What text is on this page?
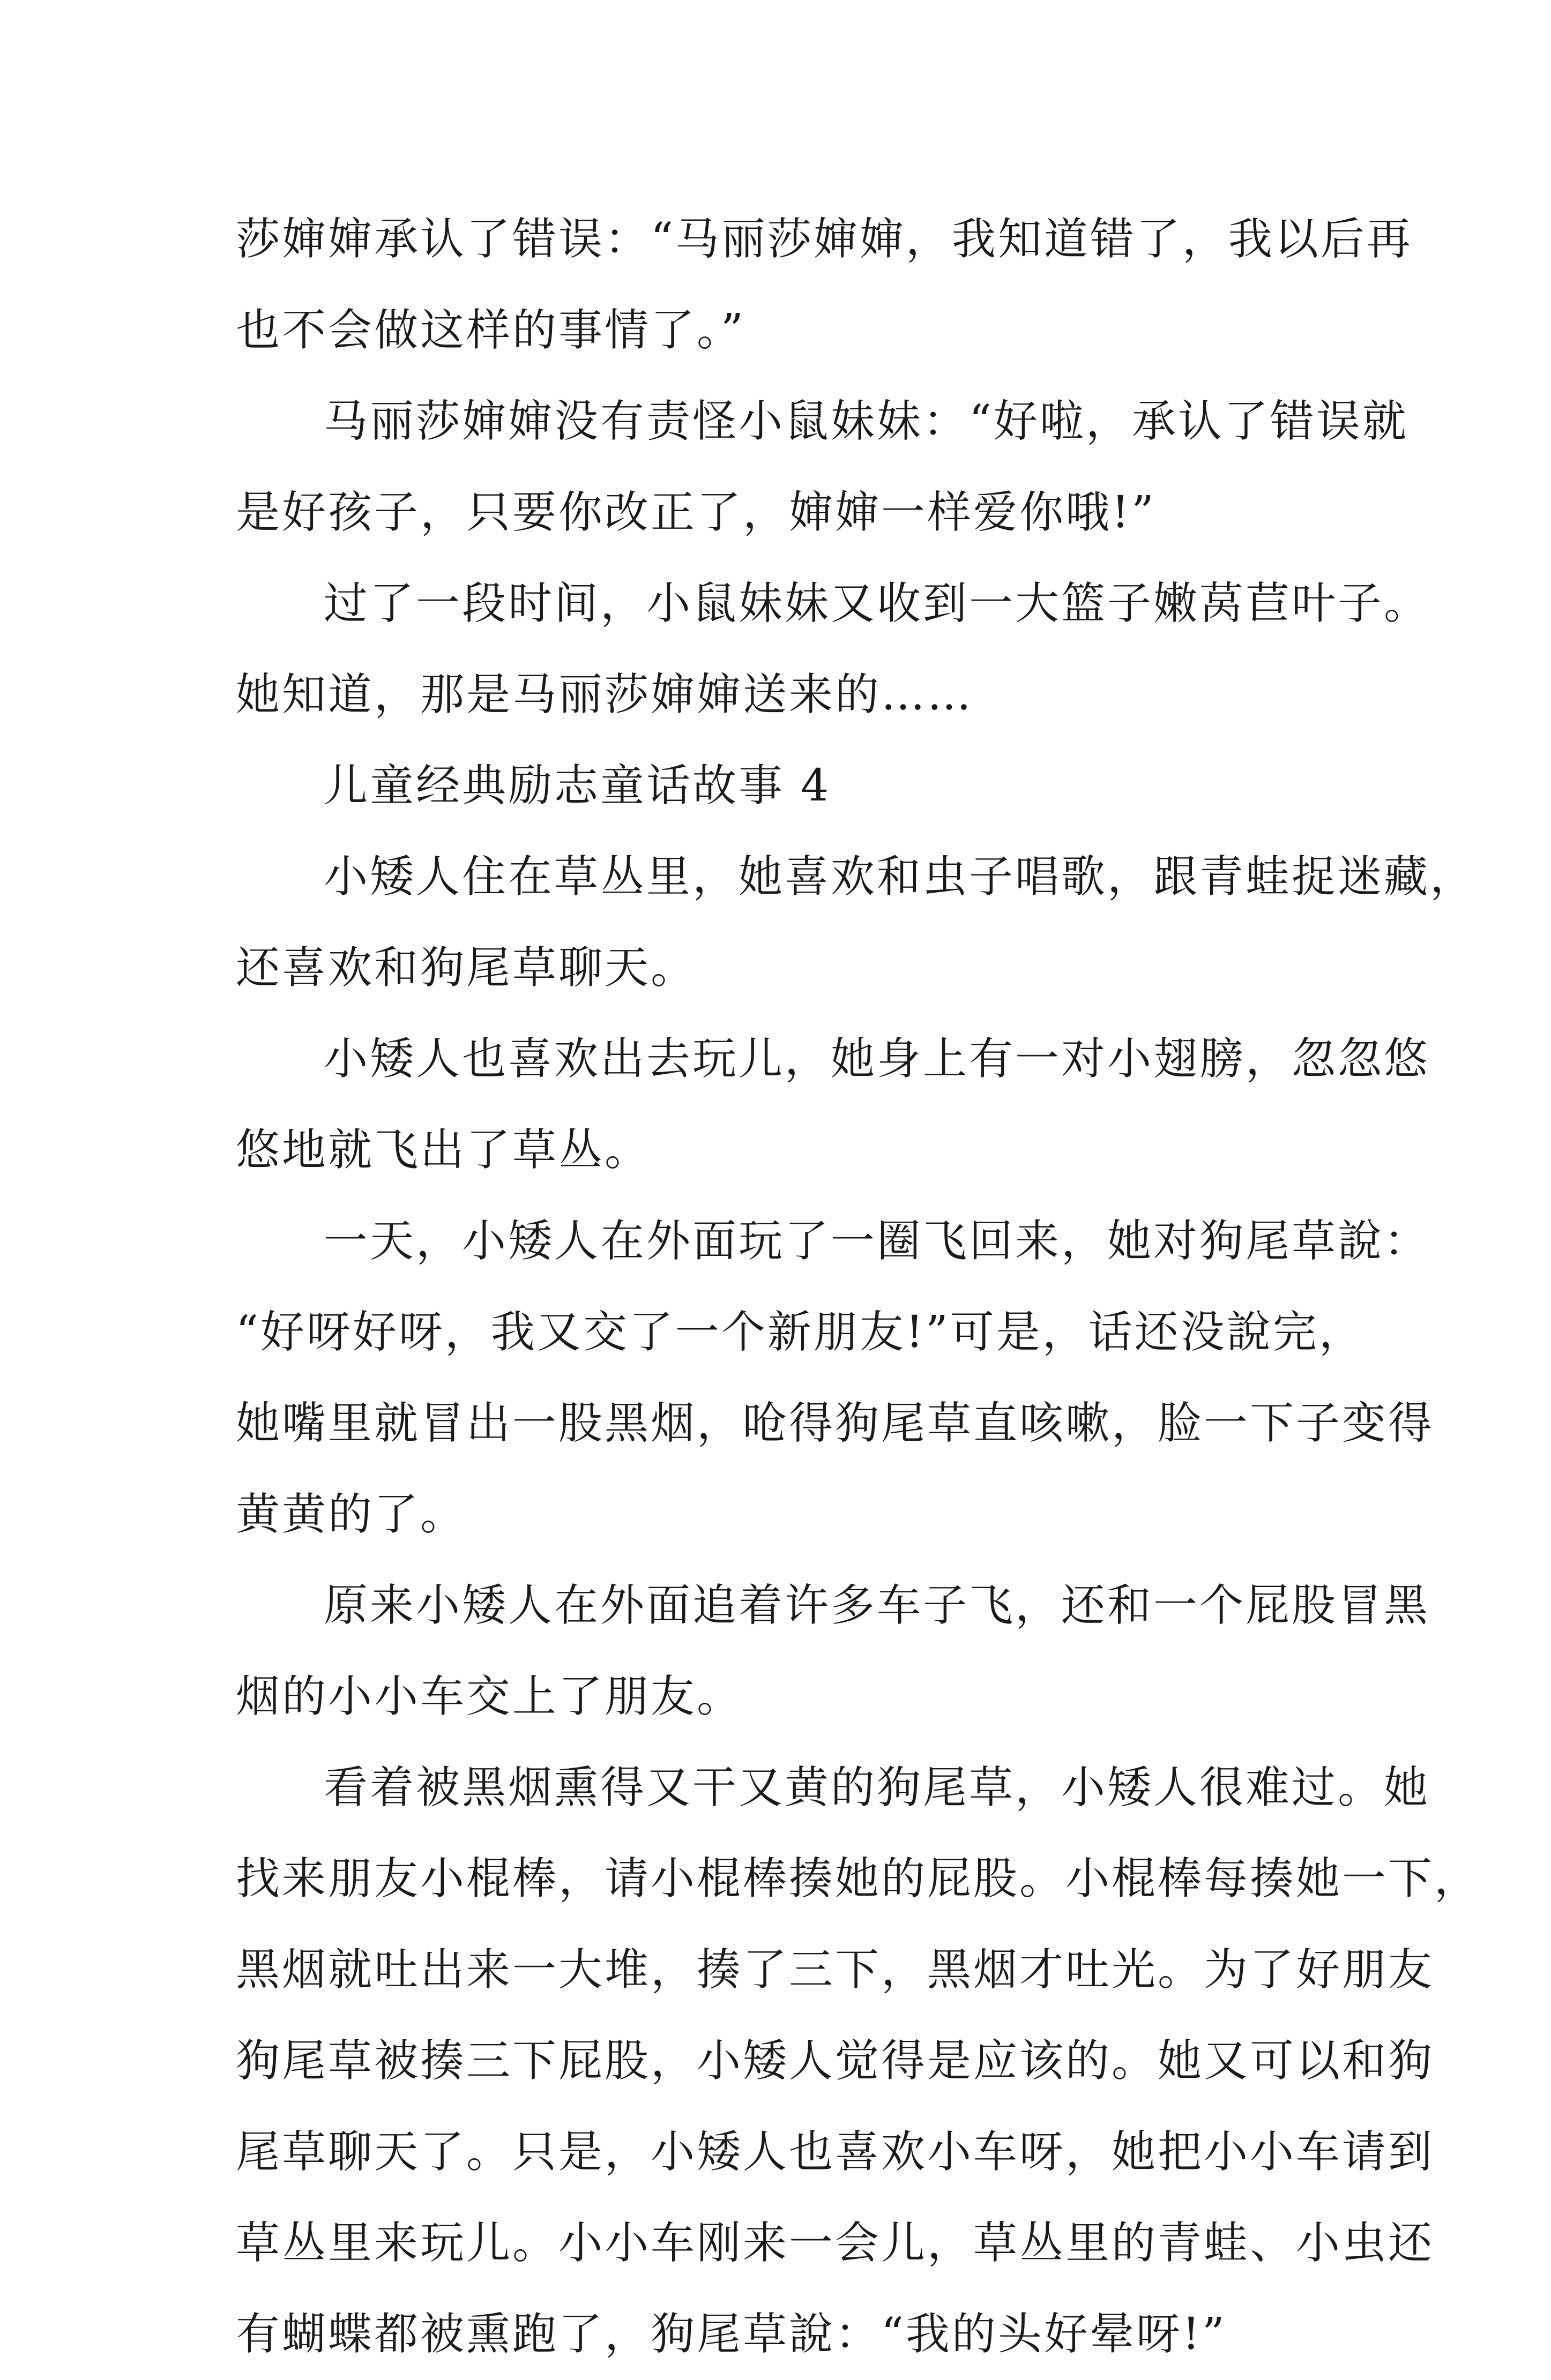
莎婶婶承认了错误：“马丽莎婶婶，我知道错了，我以后再
也不会做这样的事情了。”
马丽莎婶婶没有责怪小鼠妹妹：“好啦，承认了错误就
是好孩子，只要你改正了，婶婶一样爱你哦!”
过了一段时间，小鼠妹妹又收到一大篮子嫩莴苣叶子。
她知道，那是马丽莎婶婶送来的……
儿童经典励志童话故事 4
小矮人住在草丛里，她喜欢和虫子唱歌，跟青蛙捉迷藏，
还喜欢和狗尾草聊天。
小矮人也喜欢出去玩儿，她身上有一对小翅膀，忽忽悠
悠地就飞出了草丛。
一天，小矮人在外面玩了一圈飞回来，她对狗尾草說：
“好呀好呀，我又交了一个新朋友!”可是，话还没說完，
她嘴里就冒出一股黑烟，呛得狗尾草直咳嗽，脸一下子变得
黄黄的了。
原来小矮人在外面追着许多车子飞，还和一个屁股冒黑
烟的小小车交上了朋友。
看着被黑烟熏得又干又黄的狗尾草，小矮人很难过。她
找来朋友小棍棒，请小棍棒揍她的屁股。小棍棒每揍她一下，
黑烟就吐出来一大堆，揍了三下，黑烟才吐光。为了好朋友
狗尾草被揍三下屁股，小矮人觉得是应该的。她又可以和狗
尾草聊天了。只是，小矮人也喜欢小车呀，她把小小车请到
草丛里来玩儿。小小车刚来一会儿，草丛里的青蛙、小虫还
有蝴蝶都被熏跑了，狗尾草說：“我的头好晕呀!”
